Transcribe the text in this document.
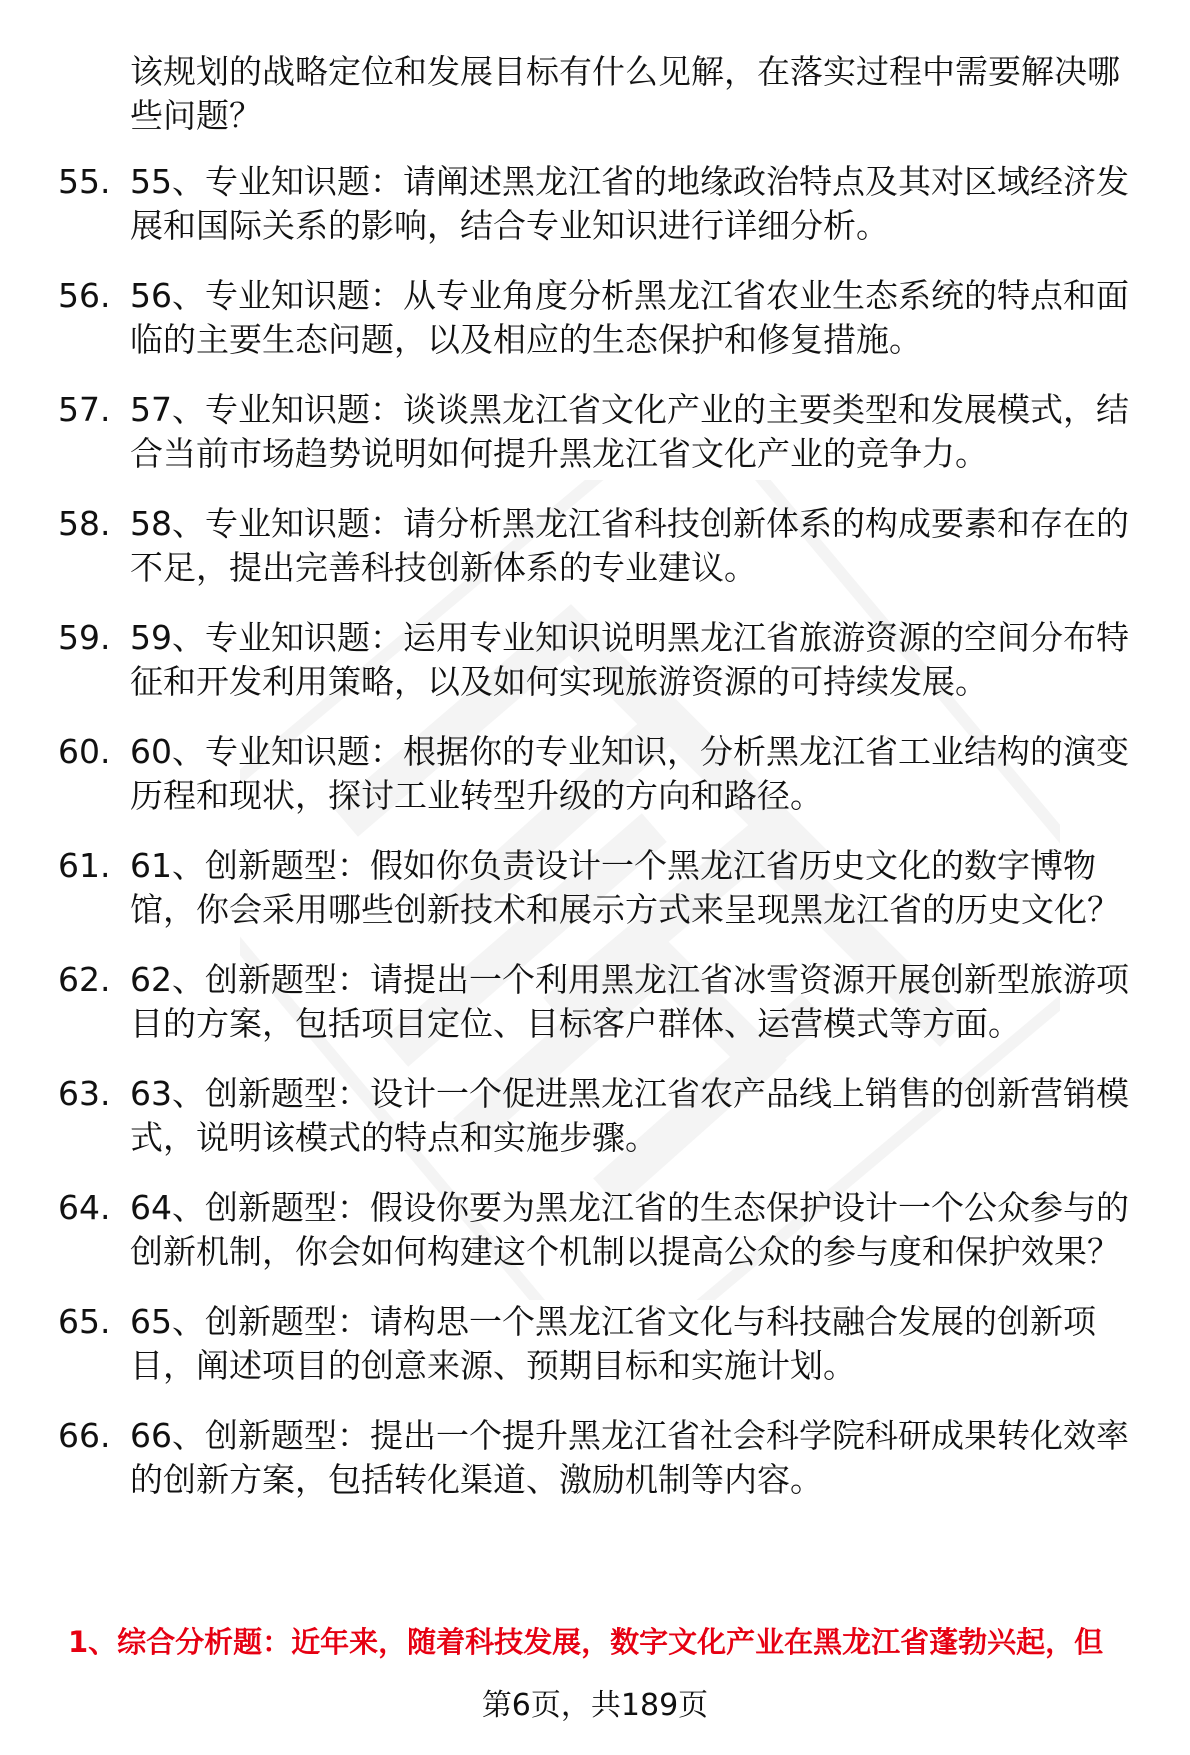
该规划的战略定位和发展目标有什么见解，在落实过程中需要解决哪些问题？

55. 55、专业知识题：请阐述黑龙江省的地缘政治特点及其对区域经济发展和国际关系的影响，结合专业知识进行详细分析。
56. 56、专业知识题：从专业角度分析黑龙江省农业生态系统的特点和面临的主要生态问题，以及相应的生态保护和修复措施。
57. 57、专业知识题：谈谈黑龙江省文化产业的主要类型和发展模式，结合当前市场趋势说明如何提升黑龙江省文化产业的竞争力。
58. 58、专业知识题：请分析黑龙江省科技创新体系的构成要素和存在的不足，提出完善科技创新体系的专业建议。
59. 59、专业知识题：运用专业知识说明黑龙江省旅游资源的空间分布特征和开发利用策略，以及如何实现旅游资源的可持续发展。
60. 60、专业知识题：根据你的专业知识，分析黑龙江省工业结构的演变历程和现状，探讨工业转型升级的方向和路径。
61. 61、创新题型：假如你负责设计一个黑龙江省历史文化的数字博物馆，你会采用哪些创新技术和展示方式来呈现黑龙江省的历史文化？
62. 62、创新题型：请提出一个利用黑龙江省冰雪资源开展创新型旅游项目的方案，包括项目定位、目标客户群体、运营模式等方面。
63. 63、创新题型：设计一个促进黑龙江省农产品线上销售的创新营销模式，说明该模式的特点和实施步骤。
64. 64、创新题型：假设你要为黑龙江省的生态保护设计一个公众参与的创新机制，你会如何构建这个机制以提高公众的参与度和保护效果？
65. 65、创新题型：请构思一个黑龙江省文化与科技融合发展的创新项目，阐述项目的创意来源、预期目标和实施计划。
66. 66、创新题型：提出一个提升黑龙江省社会科学院科研成果转化效率的创新方案，包括转化渠道、激励机制等内容。

1、综合分析题：近年来，随着科技发展，数字文化产业在黑龙江省蓬勃兴起，但

第6页，共189页
